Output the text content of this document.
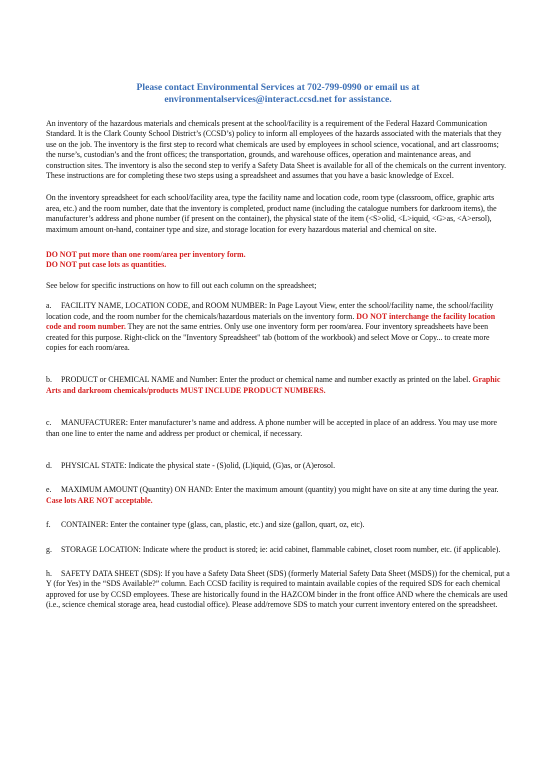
Please contact Environmental Services at 702-799-0990 or email us at
environmentalservices@interact.ccsd.net for assistance.

An inventory of the hazardous materials and chemicals present at the school/facility is a requirement of the Federal Hazard Communication Standard. It is the Clark County School District’s (CCSD’s) policy to inform all employees of the hazards associated with the materials that they use on the job. The inventory is the first step to record what chemicals are used by employees in school science, vocational, and art classrooms; the nurse’s, custodian’s and the front offices; the transportation, grounds, and warehouse offices, operation and maintenance areas, and construction sites. The inventory is also the second step to verify a Safety Data Sheet is available for all of the chemicals on the current inventory. These instructions are for completing these two steps using a spreadsheet and assumes that you have a basic knowledge of Excel.

On the inventory spreadsheet for each school/facility area, type the facility name and location code, room type (classroom, office, graphic arts area, etc.) and the room number, date that the inventory is completed, product name (including the catalogue numbers for darkroom items), the manufacturer’s address and phone number (if present on the container), the physical state of the item (<S>olid, <L>iquid, <G>as, <A>ersol), maximum amount on-hand, container type and size, and storage location for every hazardous material and chemical on site.

DO NOT put more than one room/area per inventory form.

DO NOT put case lots as quantities.

See below for specific instructions on how to fill out each column on the spreadsheet;

a. FACILITY NAME, LOCATION CODE, and ROOM NUMBER: In Page Layout View, enter the school/facility name, the school/facility location code, and the room number for the chemicals/hazardous materials on the inventory form. DO NOT interchange the facility location code and room number. They are not the same entries. Only use one inventory form per room/area. Four inventory spreadsheets have been created for this purpose. Right-click on the "Inventory Spreadsheet" tab (bottom of the workbook) and select Move or Copy... to create more copies for each room/area.

b. PRODUCT or CHEMICAL NAME and Number: Enter the product or chemical name and number exactly as printed on the label. Graphic Arts and darkroom chemicals/products MUST INCLUDE PRODUCT NUMBERS.

c. MANUFACTURER: Enter manufacturer’s name and address. A phone number will be accepted in place of an address. You may use more than one line to enter the name and address per product or chemical, if necessary.

d. PHYSICAL STATE: Indicate the physical state - (S)olid, (L)iquid, (G)as, or (A)erosol.

e. MAXIMUM AMOUNT (Quantity) ON HAND: Enter the maximum amount (quantity) you might have on site at any time during the year. Case lots ARE NOT acceptable.

f. CONTAINER: Enter the container type (glass, can, plastic, etc.) and size (gallon, quart, oz, etc).

g. STORAGE LOCATION: Indicate where the product is stored; ie: acid cabinet, flammable cabinet, closet room number, etc. (if applicable).

h. SAFETY DATA SHEET (SDS): If you have a Safety Data Sheet (SDS) (formerly Material Safety Data Sheet (MSDS)) for the chemical, put a Y (for Yes) in the “SDS Available?” column. Each CCSD facility is required to maintain available copies of the required SDS for each chemical approved for use by CCSD employees. These are historically found in the HAZCOM binder in the front office AND where the chemicals are used (i.e., science chemical storage area, head custodial office). Please add/remove SDS to match your current inventory entered on the spreadsheet.
